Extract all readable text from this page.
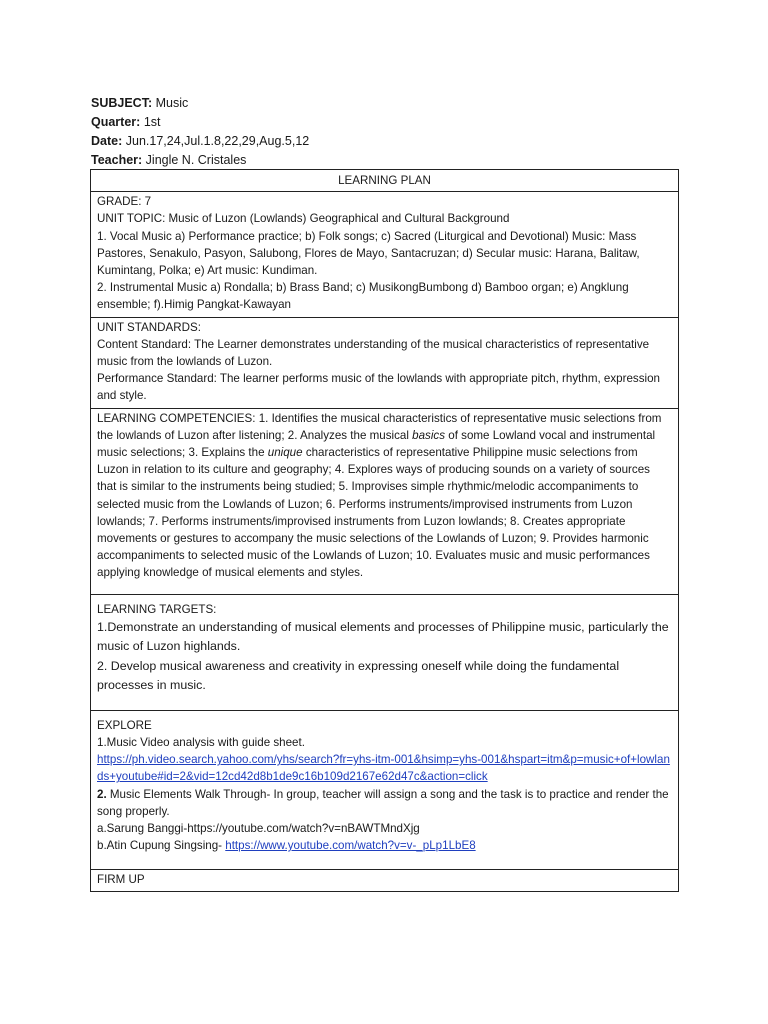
SUBJECT: Music
Quarter: 1st
Date: Jun.17,24,Jul.1.8,22,29,Aug.5,12
Teacher: Jingle N. Cristales
LEARNING PLAN

GRADE: 7
UNIT TOPIC: Music of Luzon (Lowlands) Geographical and Cultural Background
1. Vocal Music a) Performance practice; b) Folk songs; c) Sacred (Liturgical and Devotional) Music: Mass Pastores, Senakulo, Pasyon, Salubong, Flores de Mayo, Santacruzan; d) Secular music: Harana, Balitaw, Kumintang, Polka; e) Art music: Kundiman.
2. Instrumental Music a) Rondalla; b) Brass Band; c) MusikongBumbong d) Bamboo organ; e) Angklung ensemble; f).Himig Pangkat-Kawayan

UNIT STANDARDS:
Content Standard: The Learner demonstrates understanding of the musical characteristics of representative music from the lowlands of Luzon.
Performance Standard: The learner performs music of the lowlands with appropriate pitch, rhythm, expression and style.

LEARNING COMPETENCIES: 1. Identifies the musical characteristics of representative music selections from the lowlands of Luzon after listening; 2. Analyzes the musical basics of some Lowland vocal and instrumental music selections; 3. Explains the unique characteristics of representative Philippine music selections from Luzon in relation to its culture and geography; 4. Explores ways of producing sounds on a variety of sources that is similar to the instruments being studied; 5. Improvises simple rhythmic/melodic accompaniments to selected music from the Lowlands of Luzon; 6. Performs instruments/improvised instruments from Luzon lowlands; 7. Performs instruments/improvised instruments from Luzon lowlands; 8. Creates appropriate movements or gestures to accompany the music selections of the Lowlands of Luzon; 9. Provides harmonic accompaniments to selected music of the Lowlands of Luzon; 10. Evaluates music and music performances applying knowledge of musical elements and styles.

LEARNING TARGETS:

1.Demonstrate an understanding of musical elements and processes of Philippine music, particularly the music of Luzon highlands.

2. Develop musical awareness and creativity in expressing oneself while doing the fundamental processes in music.

EXPLORE
1.Music Video analysis with guide sheet.
https://ph.video.search.yahoo.com/yhs/search?fr=yhs-itm-001&hsimp=yhs-001&hspart=itm&p=music+of+lowlands+youtube#id=2&vid=12cd42d8b1de9c16b109d2167e62d47c&action=click
2. Music Elements Walk Through- In group, teacher will assign a song and the task is to practice and render the song properly.
a.Sarung Banggi-https://youtube.com/watch?v=nBAWTMndXjg
b.Atin Cupung Singsing- https://www.youtube.com/watch?v=v-_pLp1LbE8

FIRM UP
